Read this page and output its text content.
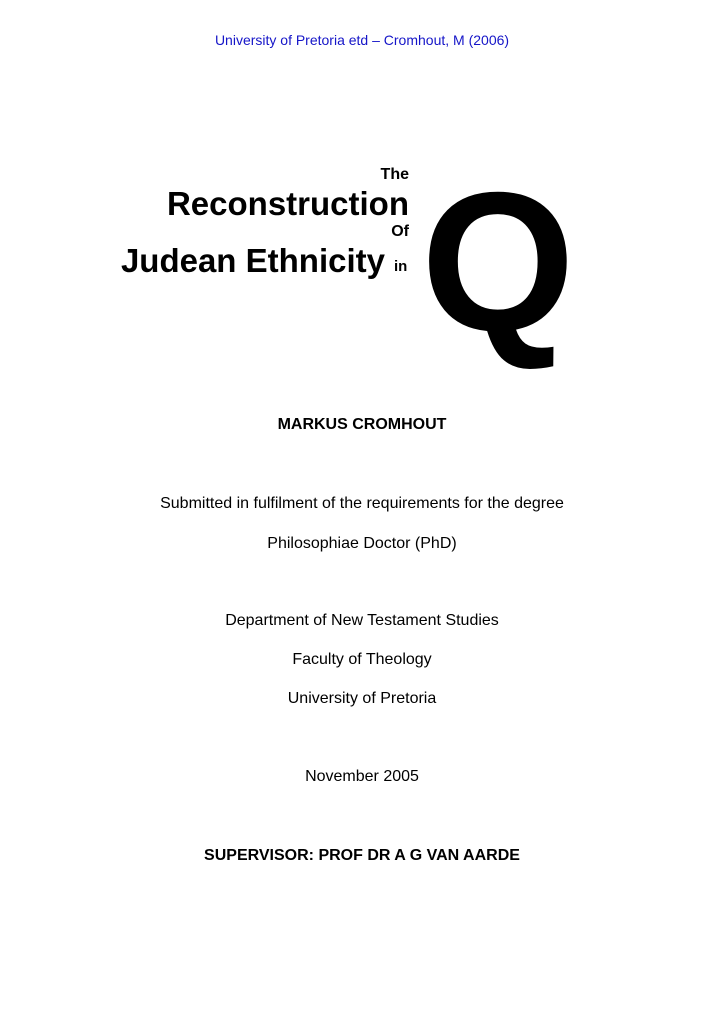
University of Pretoria etd – Cromhout, M (2006)
The
Reconstruction
Of
Judean Ethnicity in Q
MARKUS CROMHOUT
Submitted in fulfilment of the requirements for the degree
Philosophiae Doctor (PhD)
Department of New Testament Studies
Faculty of Theology
University of Pretoria
November 2005
SUPERVISOR: PROF DR A G VAN AARDE
